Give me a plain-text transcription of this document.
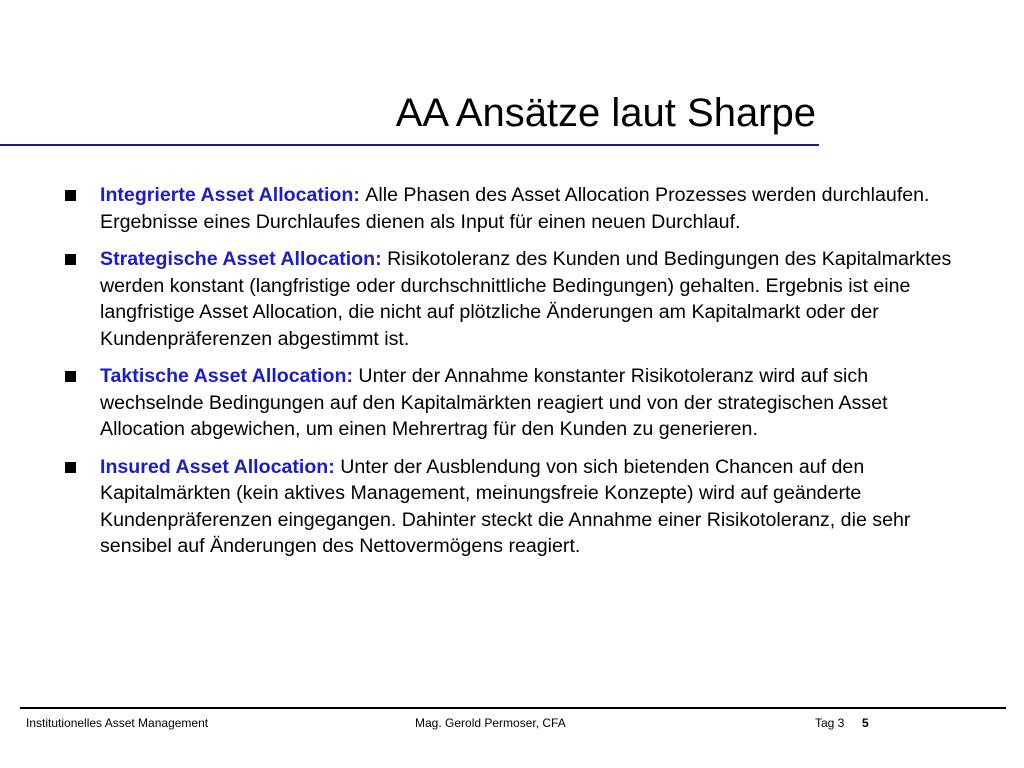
AA Ansätze laut Sharpe
Integrierte Asset Allocation: Alle Phasen des Asset Allocation Prozesses werden durchlaufen. Ergebnisse eines Durchlaufes dienen als Input für einen neuen Durchlauf.
Strategische Asset Allocation: Risikotoleranz des Kunden und Bedingungen des Kapitalmarktes werden konstant (langfristige oder durchschnittliche Bedingungen) gehalten. Ergebnis ist eine langfristige Asset Allocation, die nicht auf plötzliche Änderungen am Kapitalmarkt oder der Kundenpräferenzen abgestimmt ist.
Taktische Asset Allocation: Unter der Annahme konstanter Risikotoleranz wird auf sich wechselnde Bedingungen auf den Kapitalmärkten reagiert und von der strategischen Asset Allocation abgewichen, um einen Mehrertrag für den Kunden zu generieren.
Insured Asset Allocation: Unter der Ausblendung von sich bietenden Chancen auf den Kapitalmärkten (kein aktives Management, meinungsfreie Konzepte) wird auf geänderte Kundenpräferenzen eingegangen. Dahinter steckt die Annahme einer Risikotoleranz, die sehr sensibel auf Änderungen des Nettovermögens reagiert.
Institutionelles Asset Management	Mag. Gerold Permoser, CFA	Tag 3 5
